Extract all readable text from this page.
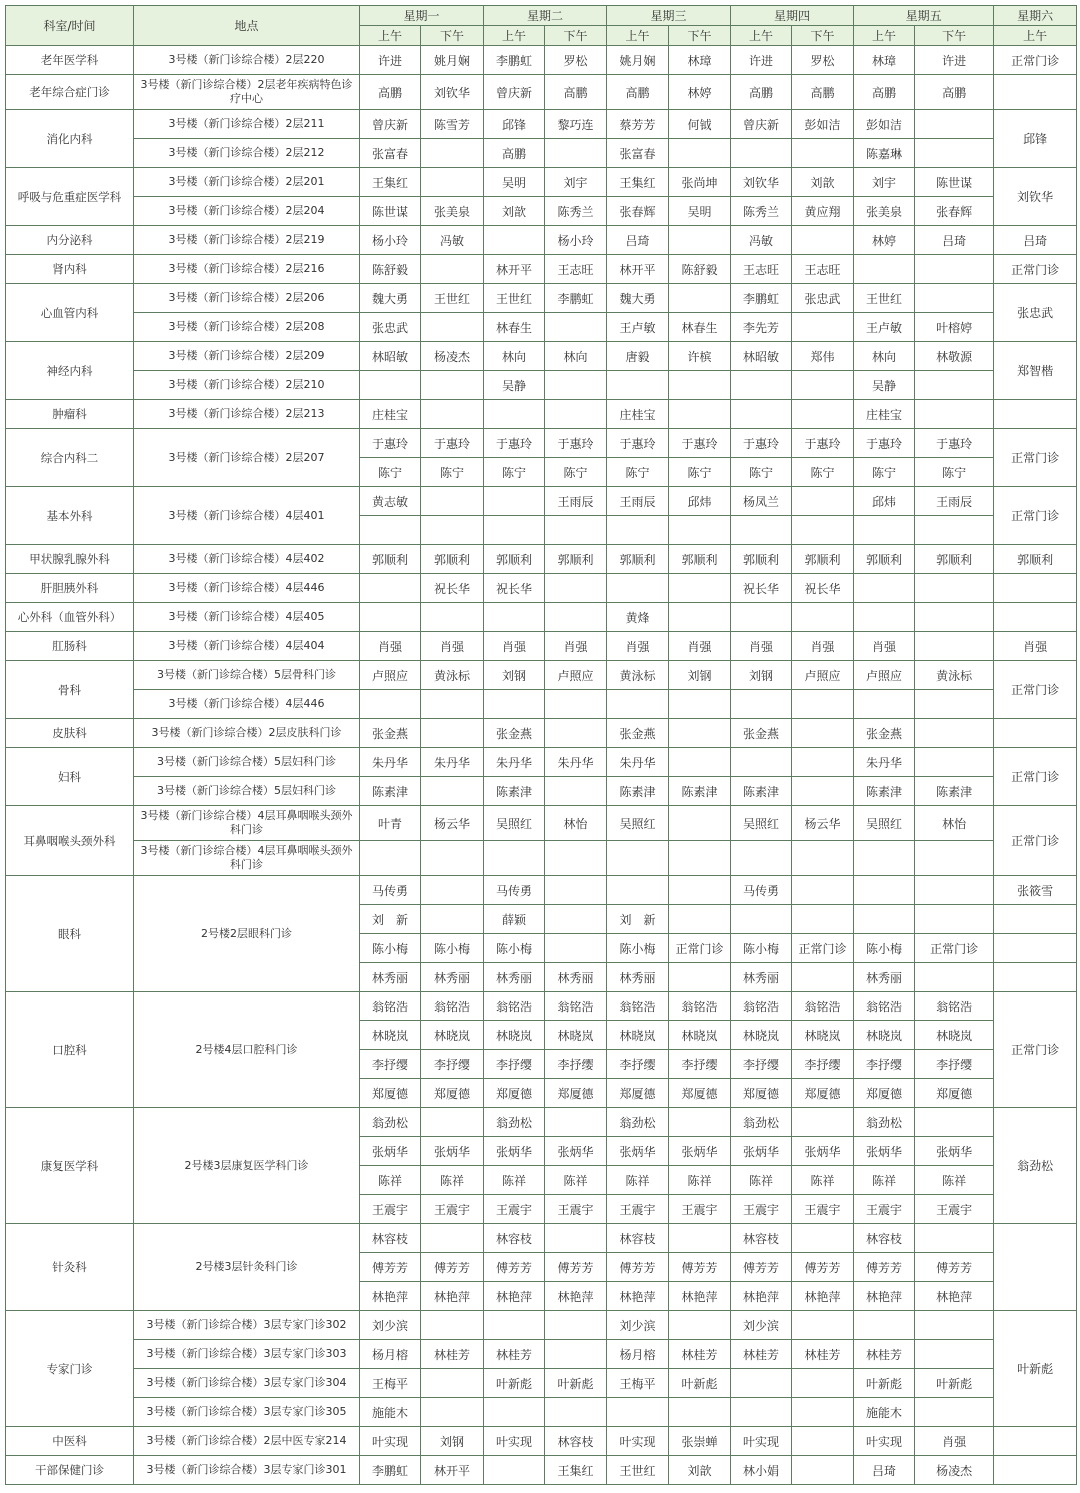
科室/时间	地点	星期一		星期二		星期三		星期四		星期五		星期六
		上午	下午	上午	下午	上午	下午	上午	下午	上午	下午	上午
老年医学科	3号楼（新门诊综合楼）2层220	许进	姚月娴	李鹏虹	罗松	姚月娴	林璋	许进	罗松	林璋	许进	正常门诊
老年综合症门诊	3号楼（新门诊综合楼）2层老年疾病特色诊疗中心	高鹏	刘钦华	曾庆新	高鹏	高鹏	林婷	高鹏	高鹏	高鹏	高鹏	
消化内科	3号楼（新门诊综合楼）2层211	曾庆新	陈雪芳	邱锋	黎巧连	蔡芳芳	何钺	曾庆新	彭如洁	彭如洁		邱锋
	3号楼（新门诊综合楼）2层212	张富春		高鹏		张富春				陈嘉琳		
呼吸与危重症医学科	3号楼（新门诊综合楼）2层201	王集红		吴明	刘宇	王集红	张尚坤	刘钦华	刘歆	刘宇	陈世谋	刘钦华
	3号楼（新门诊综合楼）2层204	陈世谋	张美泉	刘歆	陈秀兰	张春辉	吴明	陈秀兰	黄应翔	张美泉	张春辉	
内分泌科	3号楼（新门诊综合楼）2层219	杨小玲	冯敏		杨小玲	吕琦		冯敏		林婷	吕琦	吕琦
肾内科	3号楼（新门诊综合楼）2层216	陈舒毅		林开平	王志旺	林开平	陈舒毅	王志旺	王志旺			正常门诊
心血管内科	3号楼（新门诊综合楼）2层206	魏大勇	王世红	王世红	李鹏虹	魏大勇		李鹏虹	张忠武	王世红		张忠武
	3号楼（新门诊综合楼）2层208	张忠武		林春生		王卢敏	林春生	李先芳		王卢敏	叶榕婷	
神经内科	3号楼（新门诊综合楼）2层209	林昭敏	杨凌杰	林向	林向	唐毅	许槟	林昭敏	郑伟	林向	林敬源	郑智楷
	3号楼（新门诊综合楼）2层210			吴静						吴静		
肿瘤科	3号楼（新门诊综合楼）2层213	庄桂宝				庄桂宝				庄桂宝		
综合内科二	3号楼（新门诊综合楼）2层207	于惠玲	于惠玲	于惠玲	于惠玲	于惠玲	于惠玲	于惠玲	于惠玲	于惠玲	于惠玲	正常门诊
		陈宁	陈宁	陈宁	陈宁	陈宁	陈宁	陈宁	陈宁	陈宁	陈宁	
基本外科	3号楼（新门诊综合楼）4层401	黄志敏			王雨辰	王雨辰	邱炜	杨凤兰		邱炜	王雨辰	正常门诊

甲状腺乳腺外科	3号楼（新门诊综合楼）4层402	郭顺利	郭顺利	郭顺利	郭顺利	郭顺利	郭顺利	郭顺利	郭顺利	郭顺利	郭顺利	郭顺利
肝胆胰外科	3号楼（新门诊综合楼）4层446		祝长华	祝长华				祝长华	祝长华			
心外科（血管外科）	3号楼（新门诊综合楼）4层405					黄烽						
肛肠科	3号楼（新门诊综合楼）4层404	肖强	肖强	肖强	肖强	肖强	肖强	肖强	肖强	肖强		肖强
骨科	3号楼（新门诊综合楼）5层骨科门诊	卢照应	黄泳标	刘钢	卢照应	黄泳标	刘钢	刘钢	卢照应	卢照应	黄泳标	正常门诊
	3号楼（新门诊综合楼）4层446											
皮肤科	3号楼（新门诊综合楼）2层皮肤科门诊	张金燕		张金燕		张金燕		张金燕		张金燕		
妇科	3号楼（新门诊综合楼）5层妇科门诊	朱丹华	朱丹华	朱丹华	朱丹华	朱丹华				朱丹华		正常门诊
	3号楼（新门诊综合楼）5层妇科门诊	陈素津		陈素津		陈素津	陈素津	陈素津		陈素津	陈素津	
耳鼻咽喉头颈外科	3号楼（新门诊综合楼）4层耳鼻咽喉头颈外科门诊	叶青	杨云华	吴照红	林怡	吴照红		吴照红	杨云华	吴照红	林怡	正常门诊
	3号楼（新门诊综合楼）4层耳鼻咽喉头颈外科门诊											
眼科	2号楼2层眼科门诊	马传勇		马传勇				马传勇				张筱雪
		刘　新		薛颖		刘　新						
		陈小梅	陈小梅	陈小梅		陈小梅	正常门诊	陈小梅	正常门诊	陈小梅	正常门诊	
		林秀丽	林秀丽	林秀丽	林秀丽	林秀丽		林秀丽		林秀丽		
口腔科	2号楼4层口腔科门诊	翁铭浩	翁铭浩	翁铭浩	翁铭浩	翁铭浩	翁铭浩	翁铭浩	翁铭浩	翁铭浩	翁铭浩	正常门诊
		林晓岚	林晓岚	林晓岚	林晓岚	林晓岚	林晓岚	林晓岚	林晓岚	林晓岚	林晓岚	
		李抒缨	李抒缨	李抒缨	李抒缨	李抒缨	李抒缨	李抒缨	李抒缨	李抒缨	李抒缨	
		郑厦德	郑厦德	郑厦德	郑厦德	郑厦德	郑厦德	郑厦德	郑厦德	郑厦德	郑厦德	
康复医学科	2号楼3层康复医学科门诊	翁劲松		翁劲松		翁劲松		翁劲松		翁劲松		翁劲松
		张炳华	张炳华	张炳华	张炳华	张炳华	张炳华	张炳华	张炳华	张炳华	张炳华	
		陈祥	陈祥	陈祥	陈祥	陈祥	陈祥	陈祥	陈祥	陈祥	陈祥	
		王震宇	王震宇	王震宇	王震宇	王震宇	王震宇	王震宇	王震宇	王震宇	王震宇	
针灸科	2号楼3层针灸科门诊	林容枝		林容枝		林容枝		林容枝		林容枝		
		傅芳芳	傅芳芳	傅芳芳	傅芳芳	傅芳芳	傅芳芳	傅芳芳	傅芳芳	傅芳芳	傅芳芳	
		林艳萍	林艳萍	林艳萍	林艳萍	林艳萍	林艳萍	林艳萍	林艳萍	林艳萍	林艳萍	
专家门诊	3号楼（新门诊综合楼）3层专家门诊302	刘少滨				刘少滨		刘少滨				叶新彪
	3号楼（新门诊综合楼）3层专家门诊303	杨月榕	林桂芳	林桂芳		杨月榕	林桂芳	林桂芳	林桂芳	林桂芳		
	3号楼（新门诊综合楼）3层专家门诊304	王梅平		叶新彪	叶新彪	王梅平	叶新彪			叶新彪	叶新彪	
	3号楼（新门诊综合楼）3层专家门诊305	施能木								施能木		
中医科	3号楼（新门诊综合楼）2层中医专家214	叶实现	刘钢	叶实现	林容枝	叶实现	张崇蝉	叶实现		叶实现	肖强	
干部保健门诊	3号楼（新门诊综合楼）3层专家门诊301	李鹏虹	林开平		王集红	王世红	刘歆	林小娟		吕琦	杨凌杰	
